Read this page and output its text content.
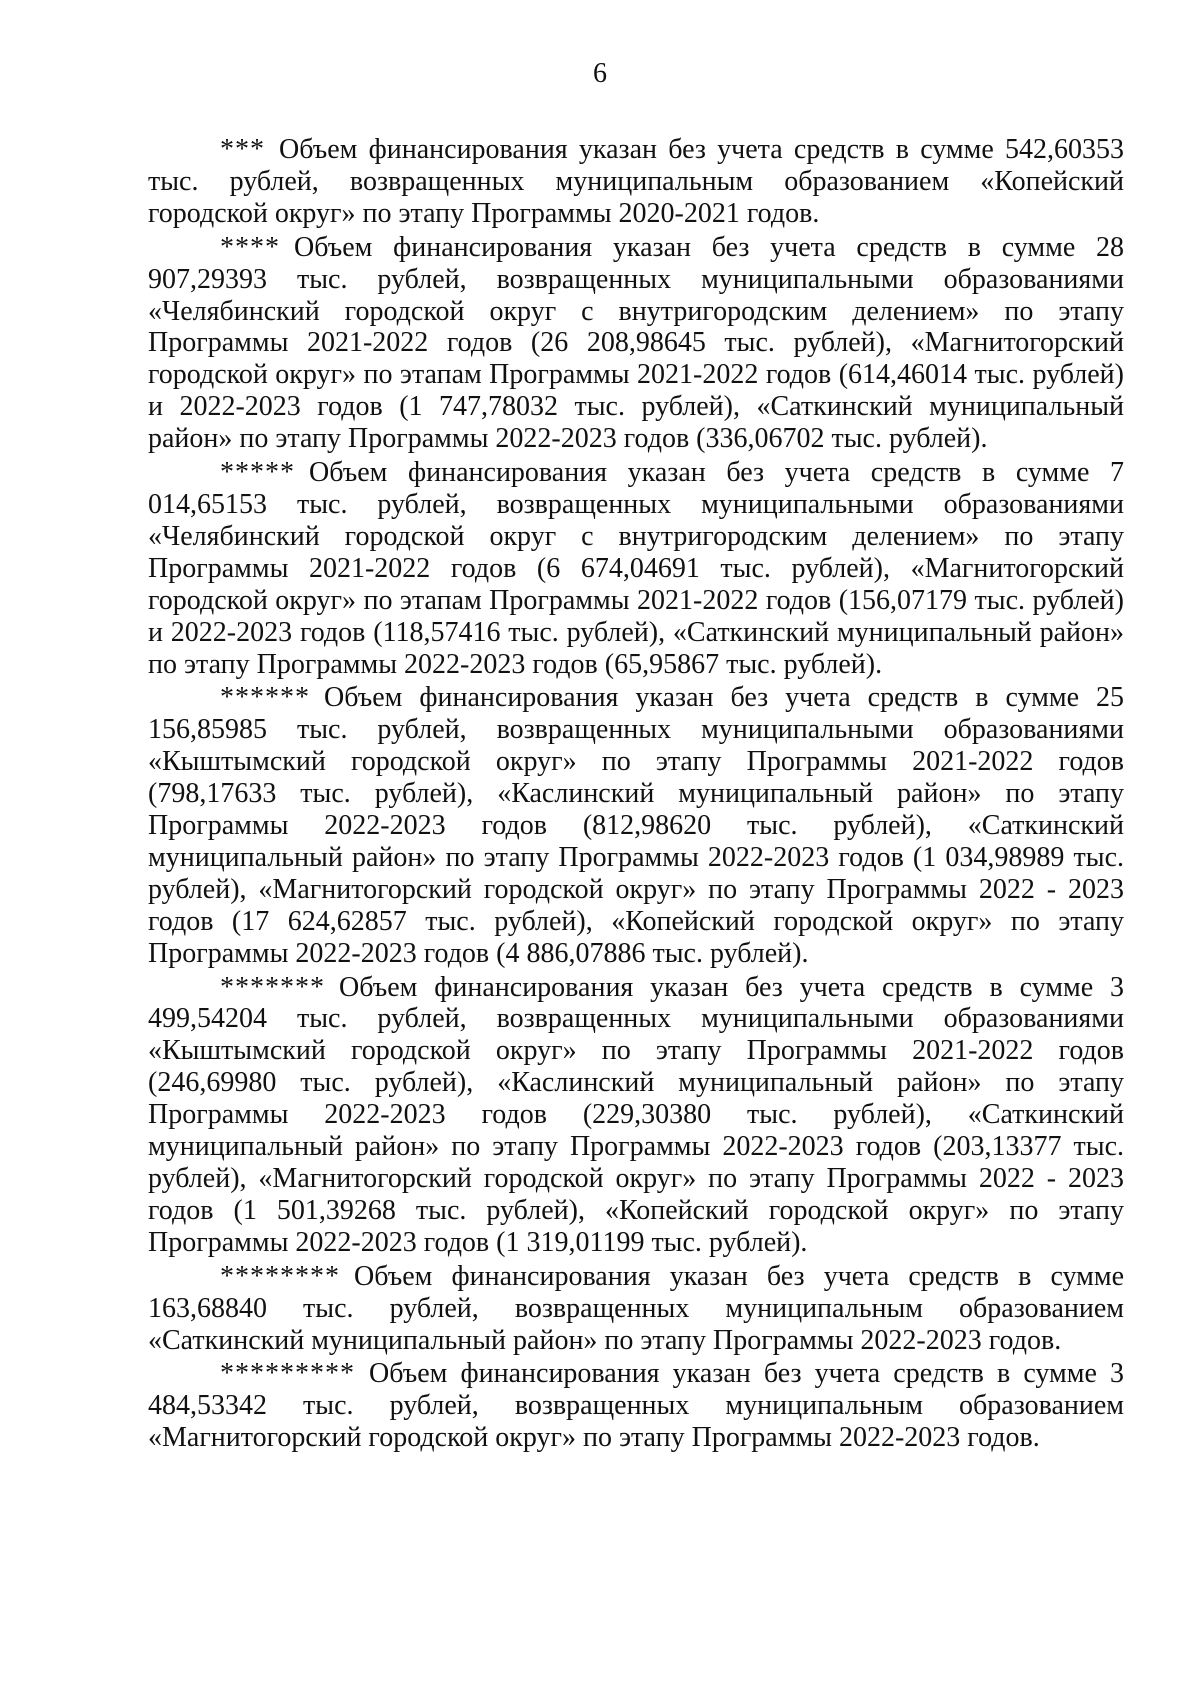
6

*** Объем финансирования указан без учета средств в сумме 542,60353 тыс. рублей, возвращенных муниципальным образованием «Копейский городской округ» по этапу Программы 2020-2021 годов.

**** Объем финансирования указан без учета средств в сумме 28 907,29393 тыс. рублей, возвращенных муниципальными образованиями «Челябинский городской округ с внутригородским делением» по этапу Программы 2021-2022 годов (26 208,98645 тыс. рублей), «Магнитогорский городской округ» по этапам Программы 2021-2022 годов (614,46014 тыс. рублей) и 2022-2023 годов (1 747,78032 тыс. рублей), «Саткинский муниципальный район» по этапу Программы 2022-2023 годов (336,06702 тыс. рублей).

***** Объем финансирования указан без учета средств в сумме 7 014,65153 тыс. рублей, возвращенных муниципальными образованиями «Челябинский городской округ с внутригородским делением» по этапу Программы 2021-2022 годов (6 674,04691 тыс. рублей), «Магнитогорский городской округ» по этапам Программы 2021-2022 годов (156,07179 тыс. рублей) и 2022-2023 годов (118,57416 тыс. рублей), «Саткинский муниципальный район» по этапу Программы 2022-2023 годов (65,95867 тыс. рублей).

****** Объем финансирования указан без учета средств в сумме 25 156,85985 тыс. рублей, возвращенных муниципальными образованиями «Кыштымский городской округ» по этапу Программы 2021-2022 годов (798,17633 тыс. рублей), «Каслинский муниципальный район» по этапу Программы 2022-2023 годов (812,98620 тыс. рублей), «Саткинский муниципальный район» по этапу Программы 2022-2023 годов (1 034,98989 тыс. рублей), «Магнитогорский городской округ» по этапу Программы 2022 - 2023 годов (17 624,62857 тыс. рублей), «Копейский городской округ» по этапу Программы 2022-2023 годов (4 886,07886 тыс. рублей).

******* Объем финансирования указан без учета средств в сумме 3 499,54204 тыс. рублей, возвращенных муниципальными образованиями «Кыштымский городской округ» по этапу Программы 2021-2022 годов (246,69980 тыс. рублей), «Каслинский муниципальный район» по этапу Программы 2022-2023 годов (229,30380 тыс. рублей), «Саткинский муниципальный район» по этапу Программы 2022-2023 годов (203,13377 тыс. рублей), «Магнитогорский городской округ» по этапу Программы 2022 - 2023 годов (1 501,39268 тыс. рублей), «Копейский городской округ» по этапу Программы 2022-2023 годов (1 319,01199 тыс. рублей).

******** Объем финансирования указан без учета средств в сумме 163,68840 тыс. рублей, возвращенных муниципальным образованием «Саткинский муниципальный район» по этапу Программы 2022-2023 годов.

********* Объем финансирования указан без учета средств в сумме 3 484,53342 тыс. рублей, возвращенных муниципальным образованием «Магнитогорский городской округ» по этапу Программы 2022-2023 годов.
